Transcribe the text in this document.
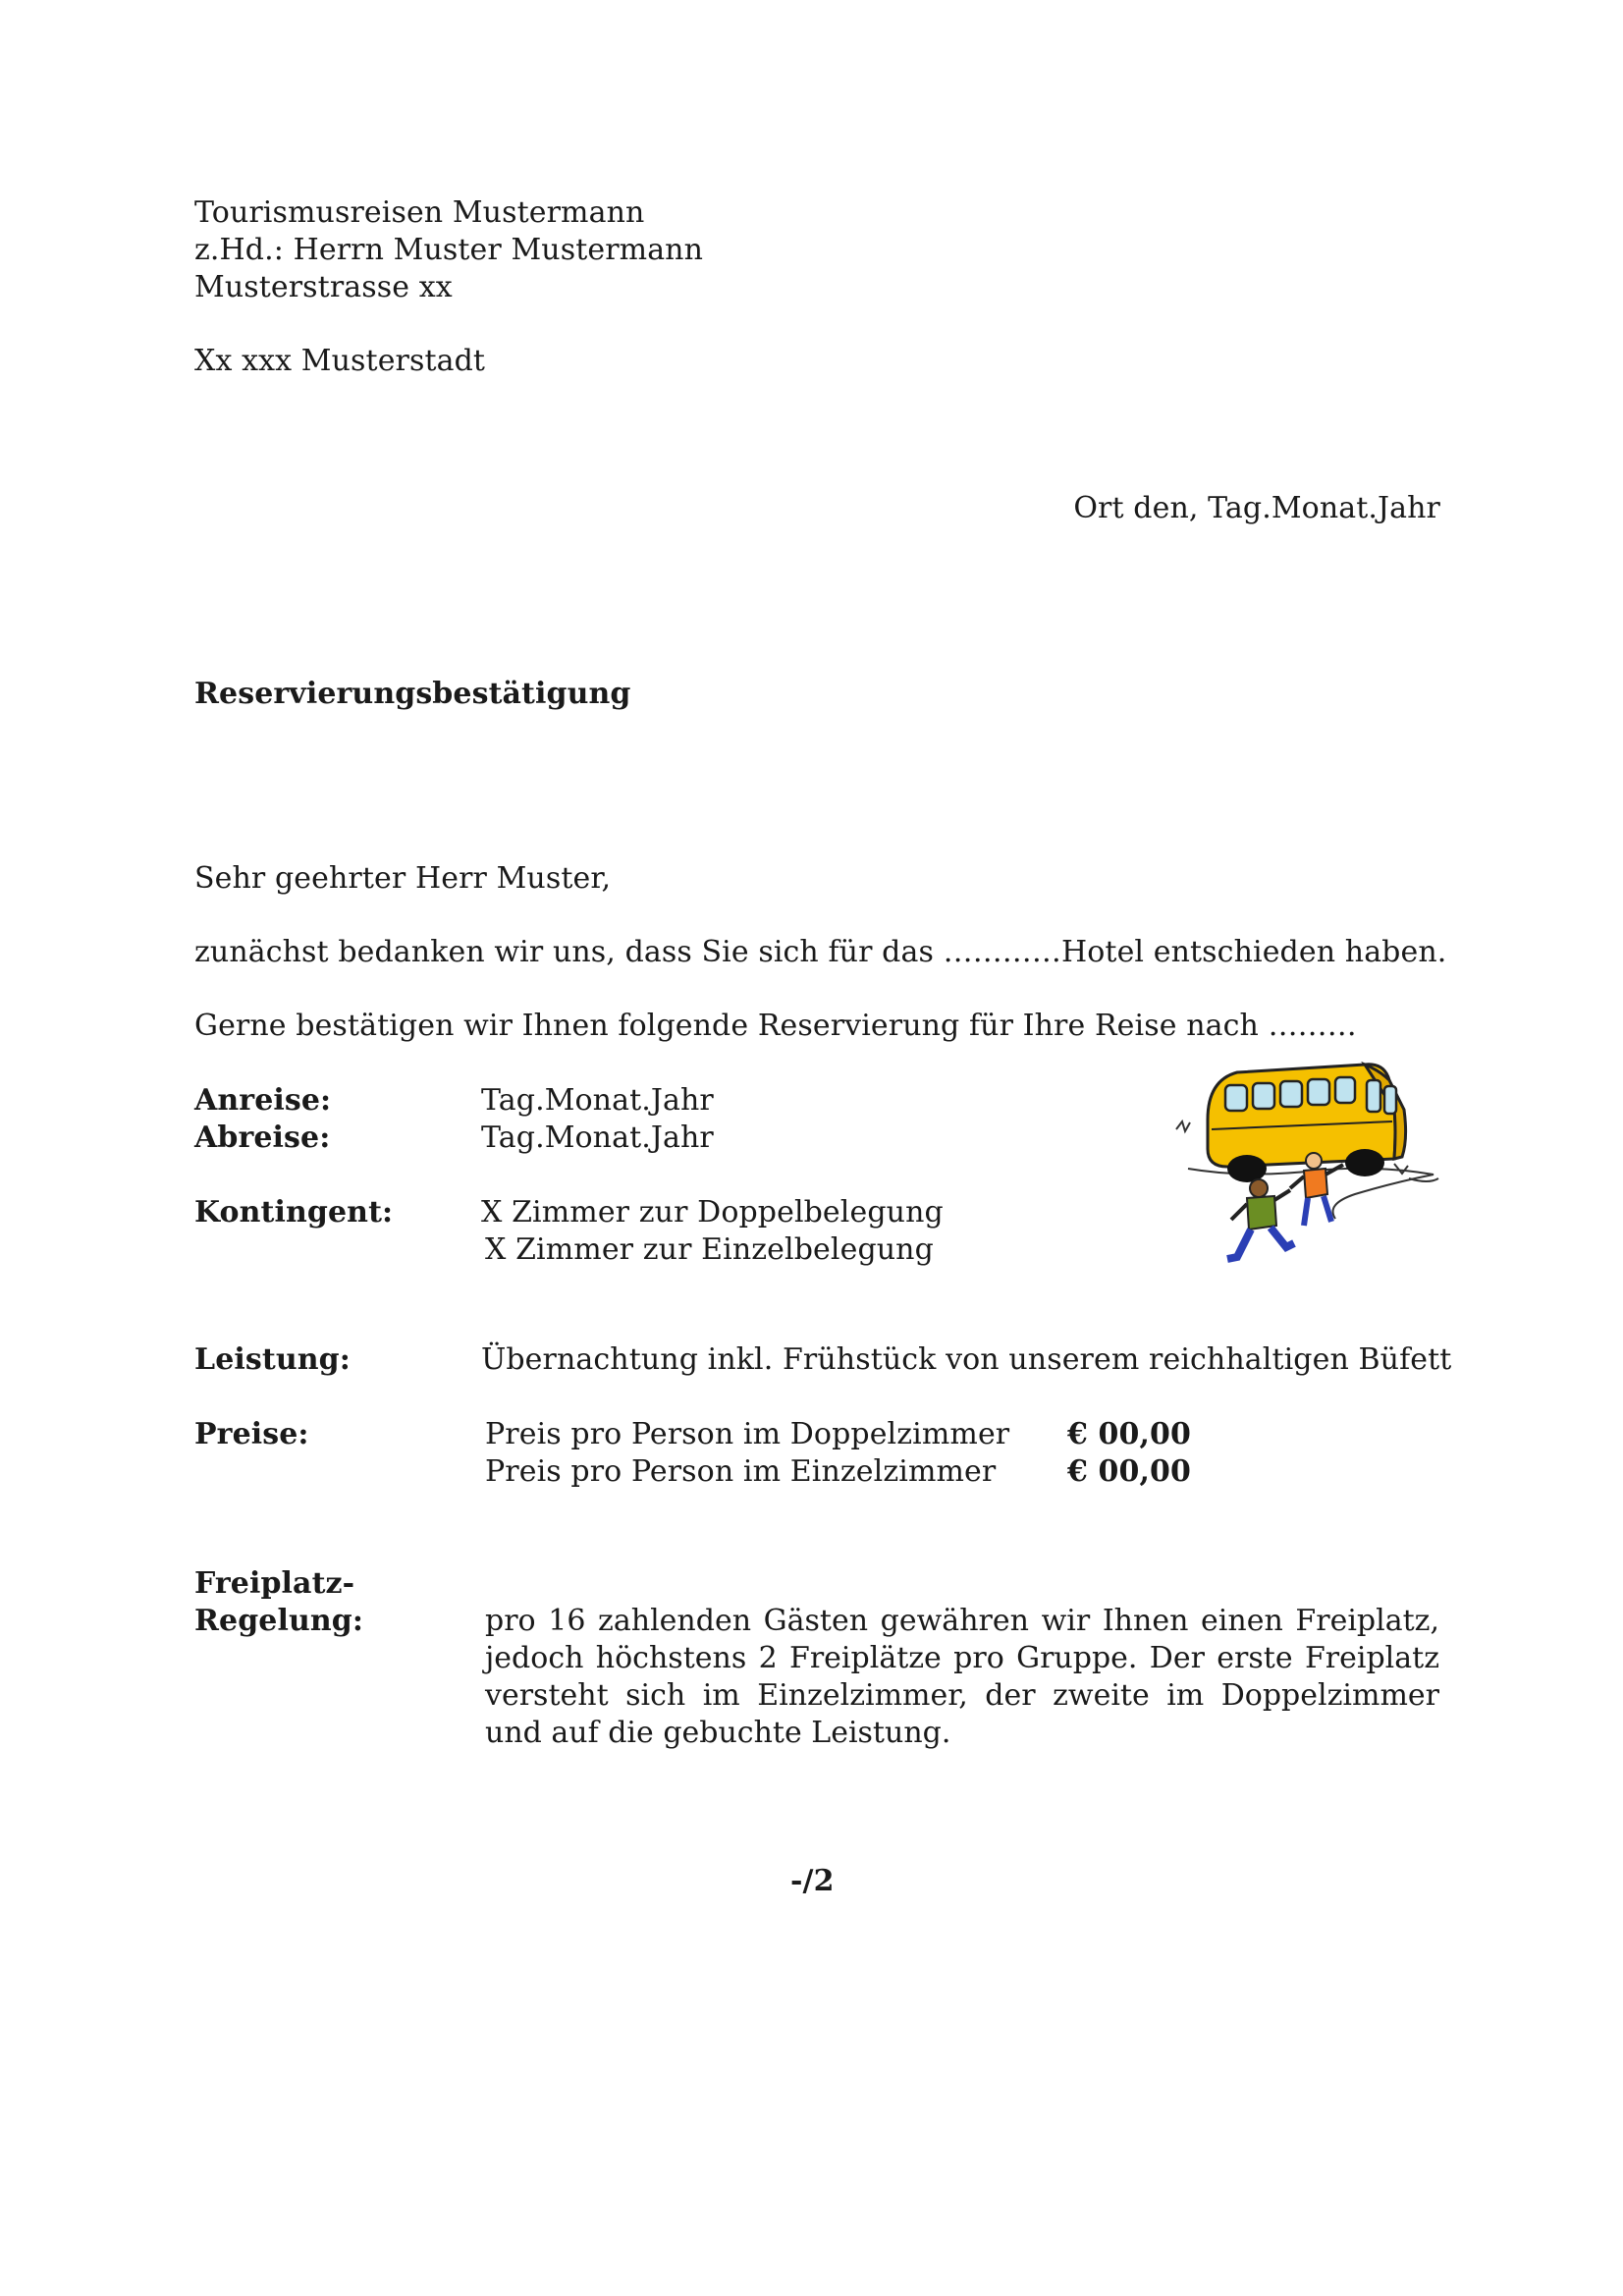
Tourismusreisen Mustermann
z.Hd.: Herrn Muster Mustermann
Musterstrasse xx
Xx xxx Musterstadt
Ort den, Tag.Monat.Jahr
Reservierungsbestätigung
Sehr geehrter Herr Muster,
zunächst bedanken wir uns, dass Sie sich für das …………Hotel entschieden haben.
Gerne bestätigen wir Ihnen folgende Reservierung für Ihre Reise nach ………
Anreise:	Tag.Monat.Jahr
Abreise:	Tag.Monat.Jahr
Kontingent:	X Zimmer zur Doppelbelegung
X Zimmer zur Einzelbelegung
Leistung:	Übernachtung inkl. Frühstück von unserem reichhaltigen Büfett
Preise:	Preis pro Person im Doppelzimmer € 00,00
Preis pro Person im Einzelzimmer € 00,00
Freiplatz-
Regelung:	pro 16 zahlenden Gästen gewähren wir Ihnen einen Freiplatz, jedoch höchstens 2 Freiplätze pro Gruppe. Der erste Freiplatz versteht sich im Einzelzimmer, der zweite im Doppelzimmer und auf die gebuchte Leistung.
-/2
